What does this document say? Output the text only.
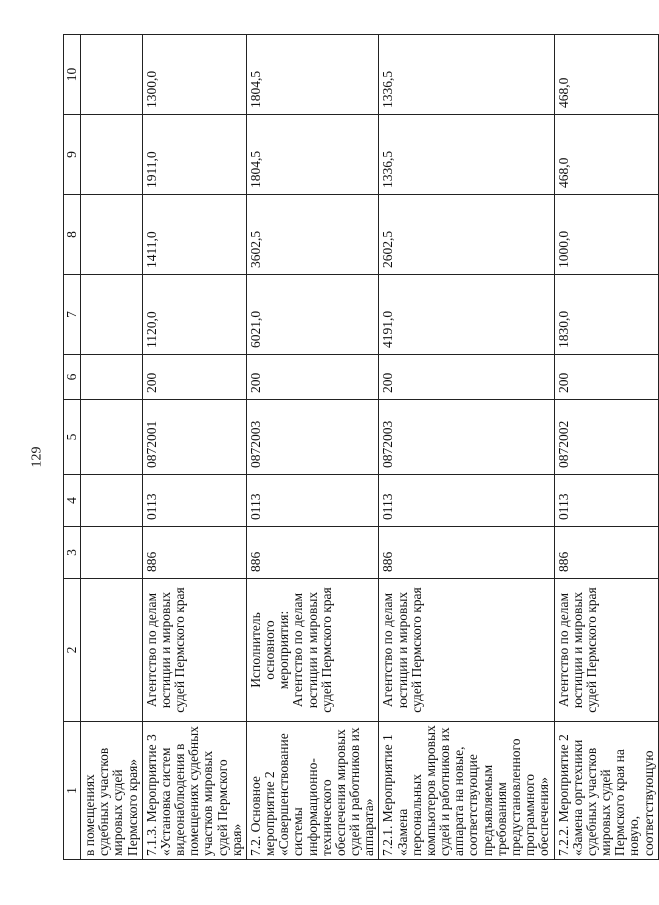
129
1	2	3	4	5	6	7	8	9	10
в помещениях судебных участков мировых судей Пермского края»									
7.1.3. Мероприятие 3 «Установка систем видеонаблюдения в помещениях судебных участков мировых судей Пермского края»	Агентство по делам юстиции и мировых судей Пермского края	886	0113	0872001	200	1120,0	1411,0	1911,0	1300,0
7.2. Основное мероприятие 2 «Совершенствование системы информационно-технического обеспечения мировых судей и работников их аппарата»	Исполнитель основного мероприятия: Агентство по делам юстиции и мировых судей Пермского края	886	0113	0872003	200	6021,0	3602,5	1804,5	1804,5
7.2.1. Мероприятие 1 «Замена персональных компьютеров мировых судей и работников их аппарата на новые, соответствующие предъявляемым требованиям предустановленного программного обеспечения»	Агентство по делам юстиции и мировых судей Пермского края	886	0113	0872003	200	4191,0	2602,5	1336,5	1336,5
7.2.2. Мероприятие 2 «Замена оргтехники судебных участков мировых судей Пермского края на новую, соответствующую	Агентство по делам юстиции и мировых судей Пермского края	886	0113	0872002	200	1830,0	1000,0	468,0	468,0
